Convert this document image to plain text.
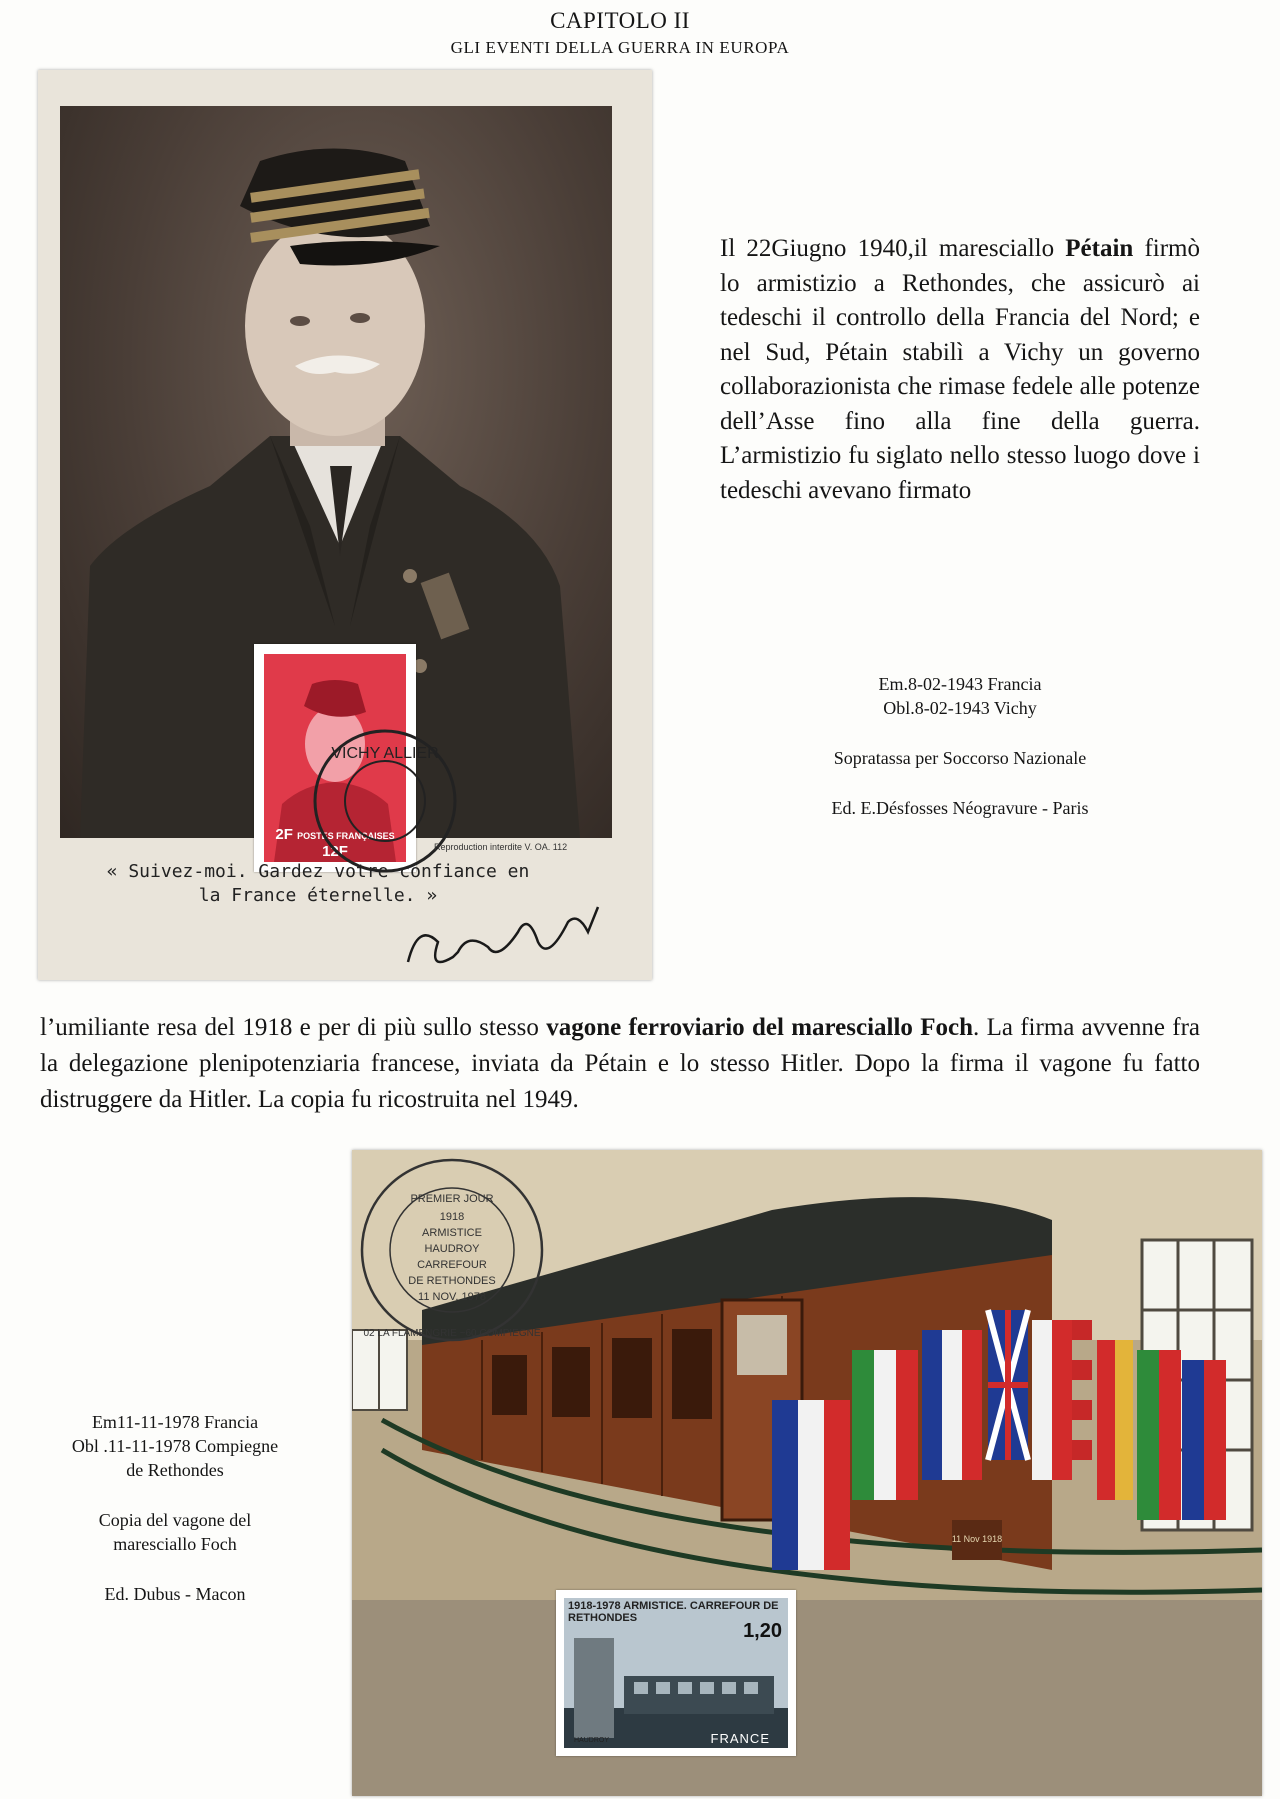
CAPITOLO II
GLI EVENTI DELLA GUERRA IN EUROPA
2F POSTES FRANÇAISES 12F
VICHY ALLIER
Reproduction interdite V. OA. 112
« Suivez-moi. Gardez votre confiance en
la France éternelle. »
Il 22Giugno 1940,il maresciallo Pétain firmò lo armistizio a Rethondes, che assicurò ai tedeschi il controllo della Francia del Nord; e nel Sud, Pétain stabilì a Vichy un governo collaborazionista che rimase fedele alle potenze dell’Asse fino alla fine della guerra. L’armistizio fu siglato nello stesso luogo dove i tedeschi avevano firmato
Em.8-02-1943 Francia
Obl.8-02-1943 Vichy
Sopratassa per Soccorso Nazionale
Ed. E.Désfosses Néogravure - Paris
l’umiliante resa del 1918 e per di più sullo stesso vagone ferroviario del maresciallo Foch. La firma avvenne fra la delegazione plenipotenziaria francese, inviata da Pétain e lo stesso Hitler. Dopo la firma il vagone fu fatto distruggere da Hitler. La copia fu ricostruita nel 1949.
11 Nov 1918
PREMIER JOUR
1918
ARMISTICE
HAUDROY
CARREFOUR
DE RETHONDES
11 NOV. 1978
02 LA FLAMENGRIE ~60 COMPIEGNE
1918-1978 ARMISTICE. CARREFOUR DE RETHONDES
1,20
HAUDROY	FRANCE
Em11-11-1978 Francia
Obl .11-11-1978 Compiegne
de Rethondes
Copia del vagone del
maresciallo Foch
Ed. Dubus - Macon
